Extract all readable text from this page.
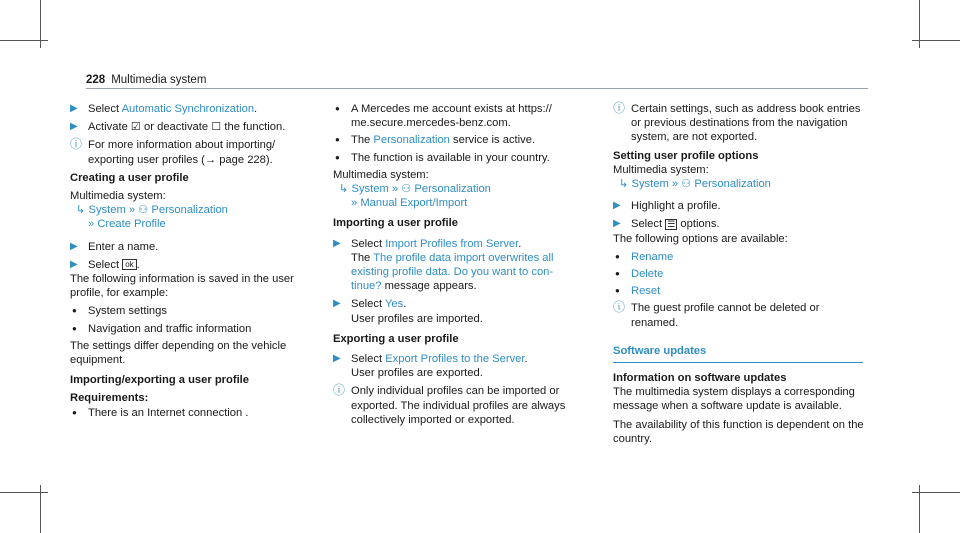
228 Multimedia system
▶ Select Automatic Synchronization.
▶ Activate ☑ or deactivate ☐ the function.
ⓘ For more information about importing/ exporting user profiles (→ page 228).
Creating a user profile
Multimedia system:
↳ System » ⚇ Personalization
» Create Profile
▶ Enter a name.
▶ Select ok .
The following information is saved in the user profile, for example:
● System settings
● Navigation and traffic information
The settings differ depending on the vehicle equipment.
Importing/exporting a user profile
Requirements:
● There is an Internet connection .
● A Mercedes me account exists at https:// me.secure.mercedes-benz.com.
● The Personalization service is active.
● The function is available in your country.
Multimedia system:
↳ System » ⚇ Personalization
» Manual Export/Import
Importing a user profile
▶ Select Import Profiles from Server.
The The profile data import overwrites all existing profile data. Do you want to con- tinue? message appears.
▶ Select Yes.
User profiles are imported.
Exporting a user profile
▶ Select Export Profiles to the Server.
User profiles are exported.
ⓘ Only individual profiles can be imported or exported. The individual profiles are always collectively imported or exported.
ⓘ Certain settings, such as address book entries or previous destinations from the navigation system, are not exported.
Setting user profile options
Multimedia system:
↳ System » ⚇ Personalization
▶ Highlight a profile.
▶ Select ☰ options.
The following options are available:
● Rename
● Delete
● Reset
ⓘ The guest profile cannot be deleted or renamed.
Software updates
Information on software updates
The multimedia system displays a corresponding message when a software update is available.
The availability of this function is dependent on the country.
